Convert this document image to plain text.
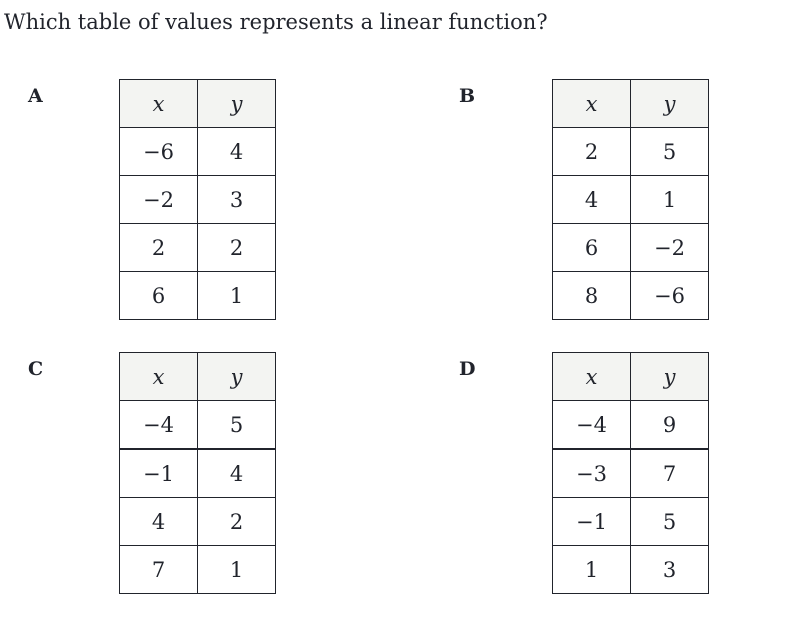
Which table of values represents a linear function?
A	x	y
−6	4
−2	3
2	2
6	1
B	x	y
2	5
4	1
6	−2
8	−6
C	x	y
−4	5
−1	4
4	2
7	1
D	x	y
−4	9
−3	7
−1	5
1	3
